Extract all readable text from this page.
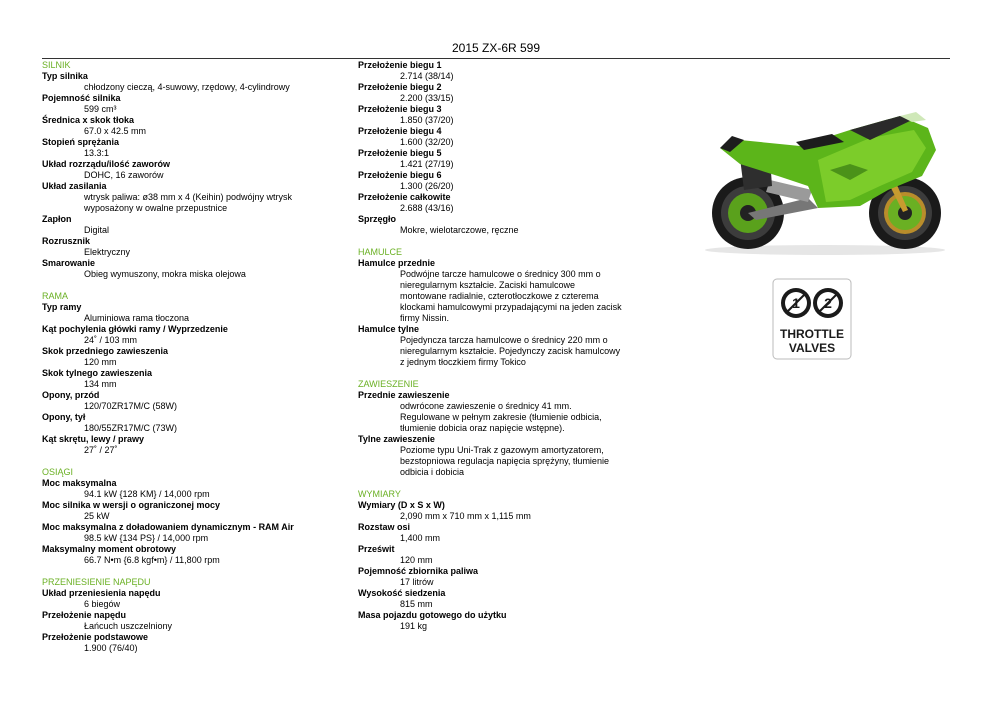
2015 ZX-6R 599
SILNIK
Typ silnika
chłodzony cieczą, 4-suwowy, rzędowy, 4-cylindrowy
Pojemność silnika
599 cm³
Średnica x skok tłoka
67.0 x 42.5 mm
Stopień sprężania
13.3:1
Układ rozrządu/ilość zaworów
DOHC, 16 zaworów
Układ zasilania
wtrysk paliwa: ø38 mm x 4 (Keihin) podwójny wtrysk
wyposażony w owalne przepustnice
Zapłon
Digital
Rozrusznik
Elektryczny
Smarowanie
Obieg wymuszony, mokra miska olejowa
RAMA
Typ ramy
Aluminiowa rama tłoczona
Kąt pochylenia główki ramy / Wyprzedzenie
24˚ / 103 mm
Skok przedniego zawieszenia
120 mm
Skok tylnego zawieszenia
134 mm
Opony, przód
120/70ZR17M/C (58W)
Opony, tył
180/55ZR17M/C (73W)
Kąt skrętu, lewy / prawy
27˚ / 27˚
OSIĄGI
Moc maksymalna
94.1 kW {128 KM} / 14,000 rpm
Moc silnika w wersji o ograniczonej mocy
25 kW
Moc maksymalna z doładowaniem dynamicznym - RAM Air
98.5 kW {134 PS} / 14,000 rpm
Maksymalny moment obrotowy
66.7 N•m {6.8 kgf•m} / 11,800 rpm
PRZENIESIENIE NAPĘDU
Układ przeniesienia napędu
6 biegów
Przełożenie napędu
Łańcuch uszczelniony
Przełożenie podstawowe
1.900 (76/40)
Przełożenie biegu 1
2.714 (38/14)
Przełożenie biegu 2
2.200 (33/15)
Przełożenie biegu 3
1.850 (37/20)
Przełożenie biegu 4
1.600 (32/20)
Przełożenie biegu 5
1.421 (27/19)
Przełożenie biegu 6
1.300 (26/20)
Przełożenie całkowite
2.688 (43/16)
Sprzęgło
Mokre, wielotarczowe, ręczne
HAMULCE
Hamulce przednie
Podwójne tarcze hamulcowe o średnicy 300 mm o
nieregularnym kształcie. Zaciski hamulcowe
montowane radialnie, czterotłoczkowe z czterema
klockami hamulcowymi przypadającymi na jeden zacisk
firmy Nissin.
Hamulce tylne
Pojedyncza tarcza hamulcowe o średnicy 220 mm o
nieregularnym kształcie. Pojedynczy zacisk hamulcowy
z jednym tłoczkiem firmy Tokico
ZAWIESZENIE
Przednie zawieszenie
odwrócone zawieszenie o średnicy 41 mm.
Regulowane w pełnym zakresie (tłumienie odbicia,
tłumienie dobicia oraz napięcie wstępne).
Tylne zawieszenie
Poziome typu Uni-Trak z gazowym amortyzatorem,
bezstopniowa regulacja napięcia sprężyny, tłumienie
odbicia i dobicia
WYMIARY
Wymiary (D x S x W)
2,090 mm x 710 mm x 1,115 mm
Rozstaw osi
1,400 mm
Prześwit
120 mm
Pojemność zbiornika paliwa
17 litrów
Wysokość siedzenia
815 mm
Masa pojazdu gotowego do użytku
191 kg
1 2
THROTTLE
VALVES
